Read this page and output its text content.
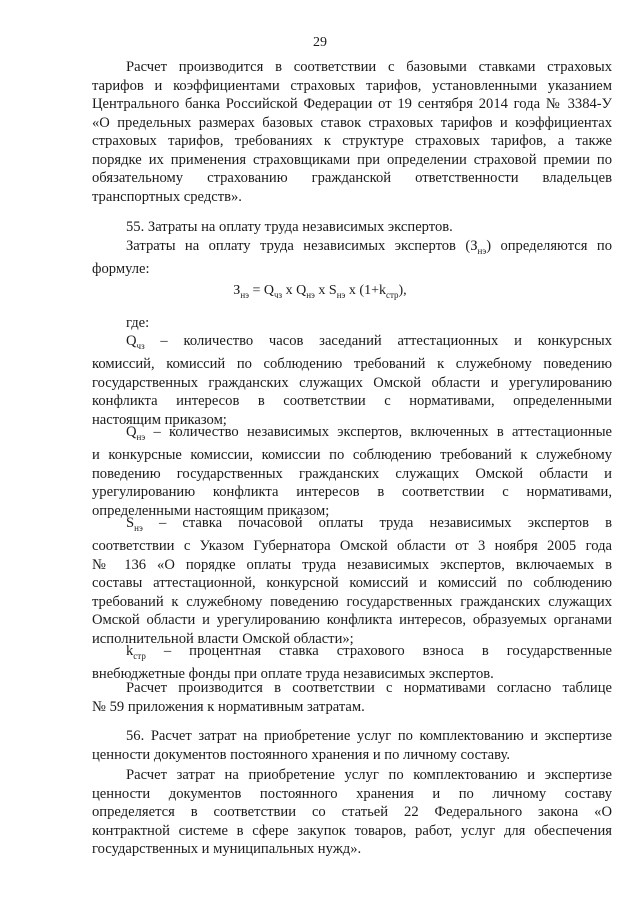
29
Расчет производится в соответствии с базовыми ставками страховых
тарифов и коэффициентами страховых тарифов, установленными указанием
Центрального банка Российской Федерации от 19 сентября 2014 года № 3384-У
«О предельных размерах базовых ставок страховых тарифов и коэффициентах
страховых тарифов, требованиях к структуре страховых тарифов, а также
порядке их применения страховщиками при определении страховой премии по
обязательному страхованию гражданской ответственности владельцев
транспортных средств».
55. Затраты на оплату труда независимых экспертов.
Затраты на оплату труда независимых экспертов $(З_{нэ})$ определяются по
формуле:
$З_{нэ} = Q_{чз}$ x $Q_{нэ}$ x $S_{нэ}$ x $(1+k_{стр})$,
где:
$Q_{чз}$ – количество часов заседаний аттестационных и конкурсных
комиссий, комиссий по соблюдению требований к служебному поведению
государственных гражданских служащих Омской области и урегулированию
конфликта интересов в соответствии с нормативами, определенными
настоящим приказом;
$Q_{нэ}$ – количество независимых экспертов, включенных в аттестационные
и конкурсные комиссии, комиссии по соблюдению требований к служебному
поведению государственных гражданских служащих Омской области и
урегулированию конфликта интересов в соответствии с нормативами,
определенными настоящим приказом;
$S_{нэ}$ – ставка почасовой оплаты труда независимых экспертов в
соответствии с Указом Губернатора Омской области от 3 ноября 2005 года
№ 136 «О порядке оплаты труда независимых экспертов, включаемых в
составы аттестационной, конкурсной комиссий и комиссий по соблюдению
требований к служебному поведению государственных гражданских служащих
Омской области и урегулированию конфликта интересов, образуемых органами
исполнительной власти Омской области»;
$k_{стр}$ – процентная ставка страхового взноса в государственные
внебюджетные фонды при оплате труда независимых экспертов.
Расчет производится в соответствии с нормативами согласно таблице
№ 59 приложения к нормативным затратам.
56. Расчет затрат на приобретение услуг по комплектованию и экспертизе
ценности документов постоянного хранения и по личному составу.
Расчет затрат на приобретение услуг по комплектованию и экспертизе
ценности документов постоянного хранения и по личному составу
определяется в соответствии со статьей 22 Федерального закона «О
контрактной системе в сфере закупок товаров, работ, услуг для обеспечения
государственных и муниципальных нужд».
